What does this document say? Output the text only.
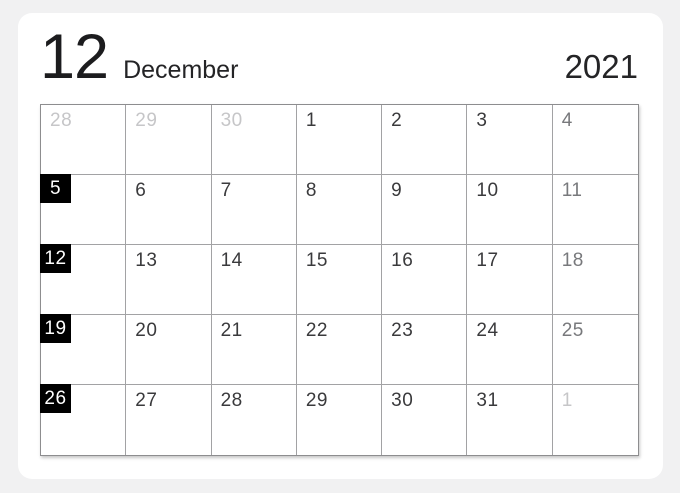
12 December	2021
28	29	30	1	2	3	4
5	6	7	8	9	10	11
12	13	14	15	16	17	18
19	20	21	22	23	24	25
26	27	28	29	30	31	1
